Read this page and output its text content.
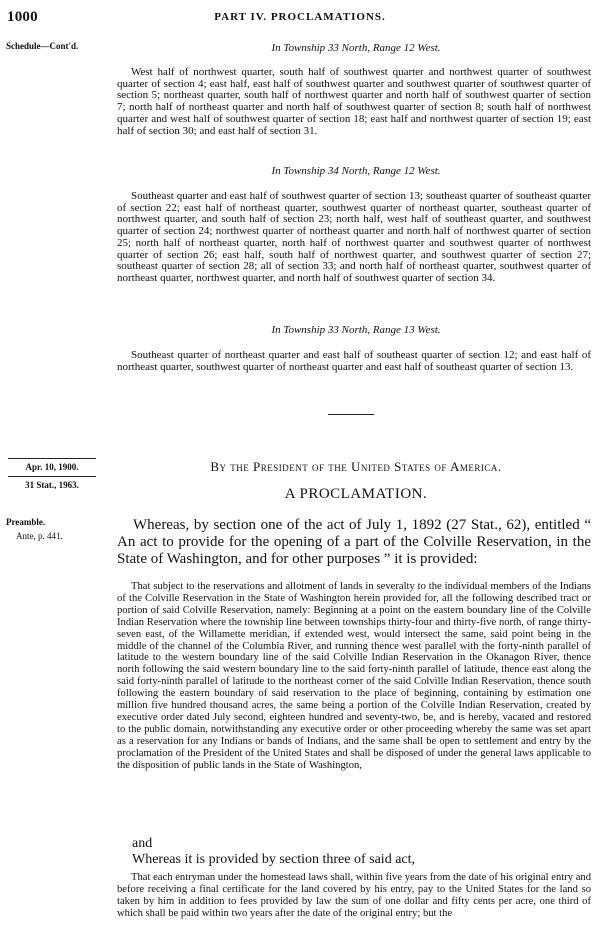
1000	PART IV. PROCLAMATIONS.
Schedule—Cont'd.	In Township 33 North, Range 12 West.

West half of northwest quarter, south half of southwest quarter and northwest quarter of southwest quarter of section 4; east half, east half of southwest quarter and southwest quarter of southwest quarter of section 5; northeast quarter, south half of northwest quarter and north half of southwest quarter of section 7; north half of northeast quarter and north half of southwest quarter of section 8; south half of northwest quarter and west half of southwest quarter of section 18; east half and northwest quarter of section 19; east half of section 30; and east half of section 31.

In Township 34 North, Range 12 West.

Southeast quarter and east half of southwest quarter of section 13; southeast quarter of southeast quarter of section 22; east half of northeast quarter, southwest quarter of northeast quarter, southeast quarter of northwest quarter, and south half of section 23; north half, west half of southeast quarter, and southwest quarter of section 24; northwest quarter of northeast quarter and north half of northwest quarter of section 25; north half of northeast quarter, north half of northwest quarter and southwest quarter of northwest quarter of section 26; east half, south half of northwest quarter, and southwest quarter of section 27; southeast quarter of section 28; all of section 33; and north half of northeast quarter, southwest quarter of northeast quarter, northwest quarter, and north half of southwest quarter of section 34.

In Township 33 North, Range 13 West.

Southeast quarter of northeast quarter and east half of southeast quarter of section 12; and east half of northeast quarter, southwest quarter of northeast quarter and east half of southeast quarter of section 13.

Apr. 10, 1900.
31 Stat., 1963.
By the President of the United States of America.
A PROCLAMATION.
Preamble.
Ante, p. 441.

Whereas, by section one of the act of July 1, 1892 (27 Stat., 62), entitled “ An act to provide for the opening of a part of the Colville Reservation, in the State of Washington, and for other purposes ” it is provided:

That subject to the reservations and allotment of lands in severalty to the individual members of the Indians of the Colville Reservation in the State of Washington herein provided for, all the following described tract or portion of said Colville Reservation, namely: Beginning at a point on the eastern boundary line of the Colville Indian Reservation where the township line between townships thirty-four and thirty-five north, of range thirty-seven east, of the Willamette meridian, if extended west, would intersect the same, said point being in the middle of the channel of the Columbia River, and running thence west parallel with the forty-ninth parallel of latitude to the western boundary line of the said Colville Indian Reservation in the Okanagon River, thence north following the said western boundary line to the said forty-ninth parallel of latitude, thence east along the said forty-ninth parallel of latitude to the northeast corner of the said Colville Indian Reservation, thence south following the eastern boundary of said reservation to the place of beginning, containing by estimation one million five hundred thousand acres, the same being a portion of the Colville Indian Reservation, created by executive order dated July second, eighteen hundred and seventy-two, be, and is hereby, vacated and restored to the public domain, notwithstanding any executive order or other proceeding whereby the same was set apart as a reservation for any Indians or bands of Indians, and the same shall be open to settlement and entry by the proclamation of the President of the United States and shall be disposed of under the general laws applicable to the disposition of public lands in the State of Washington,

and
Whereas it is provided by section three of said act,

That each entryman under the homestead laws shall, within five years from the date of his original entry and before receiving a final certificate for the land covered by his entry, pay to the United States for the land so taken by him in addition to fees provided by law the sum of one dollar and fifty cents per acre, one third of which shall be paid within two years after the date of the original entry; but the
